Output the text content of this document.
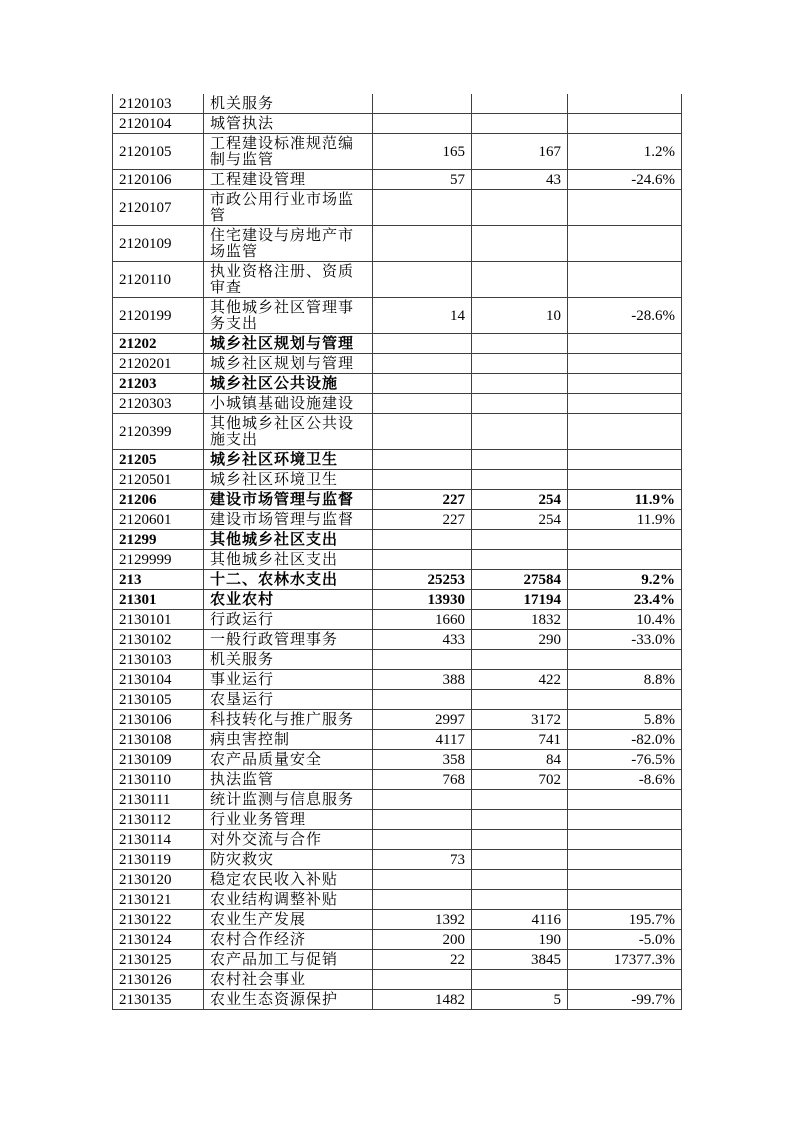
2120103	机关服务			
2120104	城管执法			
2120105	工程建设标准规范编制与监管	165	167	1.2%
2120106	工程建设管理	57	43	-24.6%
2120107	市政公用行业市场监管			
2120109	住宅建设与房地产市场监管			
2120110	执业资格注册、资质审查			
2120199	其他城乡社区管理事务支出	14	10	-28.6%
21202	城乡社区规划与管理			
2120201	城乡社区规划与管理			
21203	城乡社区公共设施			
2120303	小城镇基础设施建设			
2120399	其他城乡社区公共设施支出			
21205	城乡社区环境卫生			
2120501	城乡社区环境卫生			
21206	建设市场管理与监督	227	254	11.9%
2120601	建设市场管理与监督	227	254	11.9%
21299	其他城乡社区支出			
2129999	其他城乡社区支出			
213	十二、农林水支出	25253	27584	9.2%
21301	农业农村	13930	17194	23.4%
2130101	行政运行	1660	1832	10.4%
2130102	一般行政管理事务	433	290	-33.0%
2130103	机关服务			
2130104	事业运行	388	422	8.8%
2130105	农垦运行			
2130106	科技转化与推广服务	2997	3172	5.8%
2130108	病虫害控制	4117	741	-82.0%
2130109	农产品质量安全	358	84	-76.5%
2130110	执法监管	768	702	-8.6%
2130111	统计监测与信息服务			
2130112	行业业务管理			
2130114	对外交流与合作			
2130119	防灾救灾	73		
2130120	稳定农民收入补贴			
2130121	农业结构调整补贴			
2130122	农业生产发展	1392	4116	195.7%
2130124	农村合作经济	200	190	-5.0%
2130125	农产品加工与促销	22	3845	17377.3%
2130126	农村社会事业			
2130135	农业生态资源保护	1482	5	-99.7%
